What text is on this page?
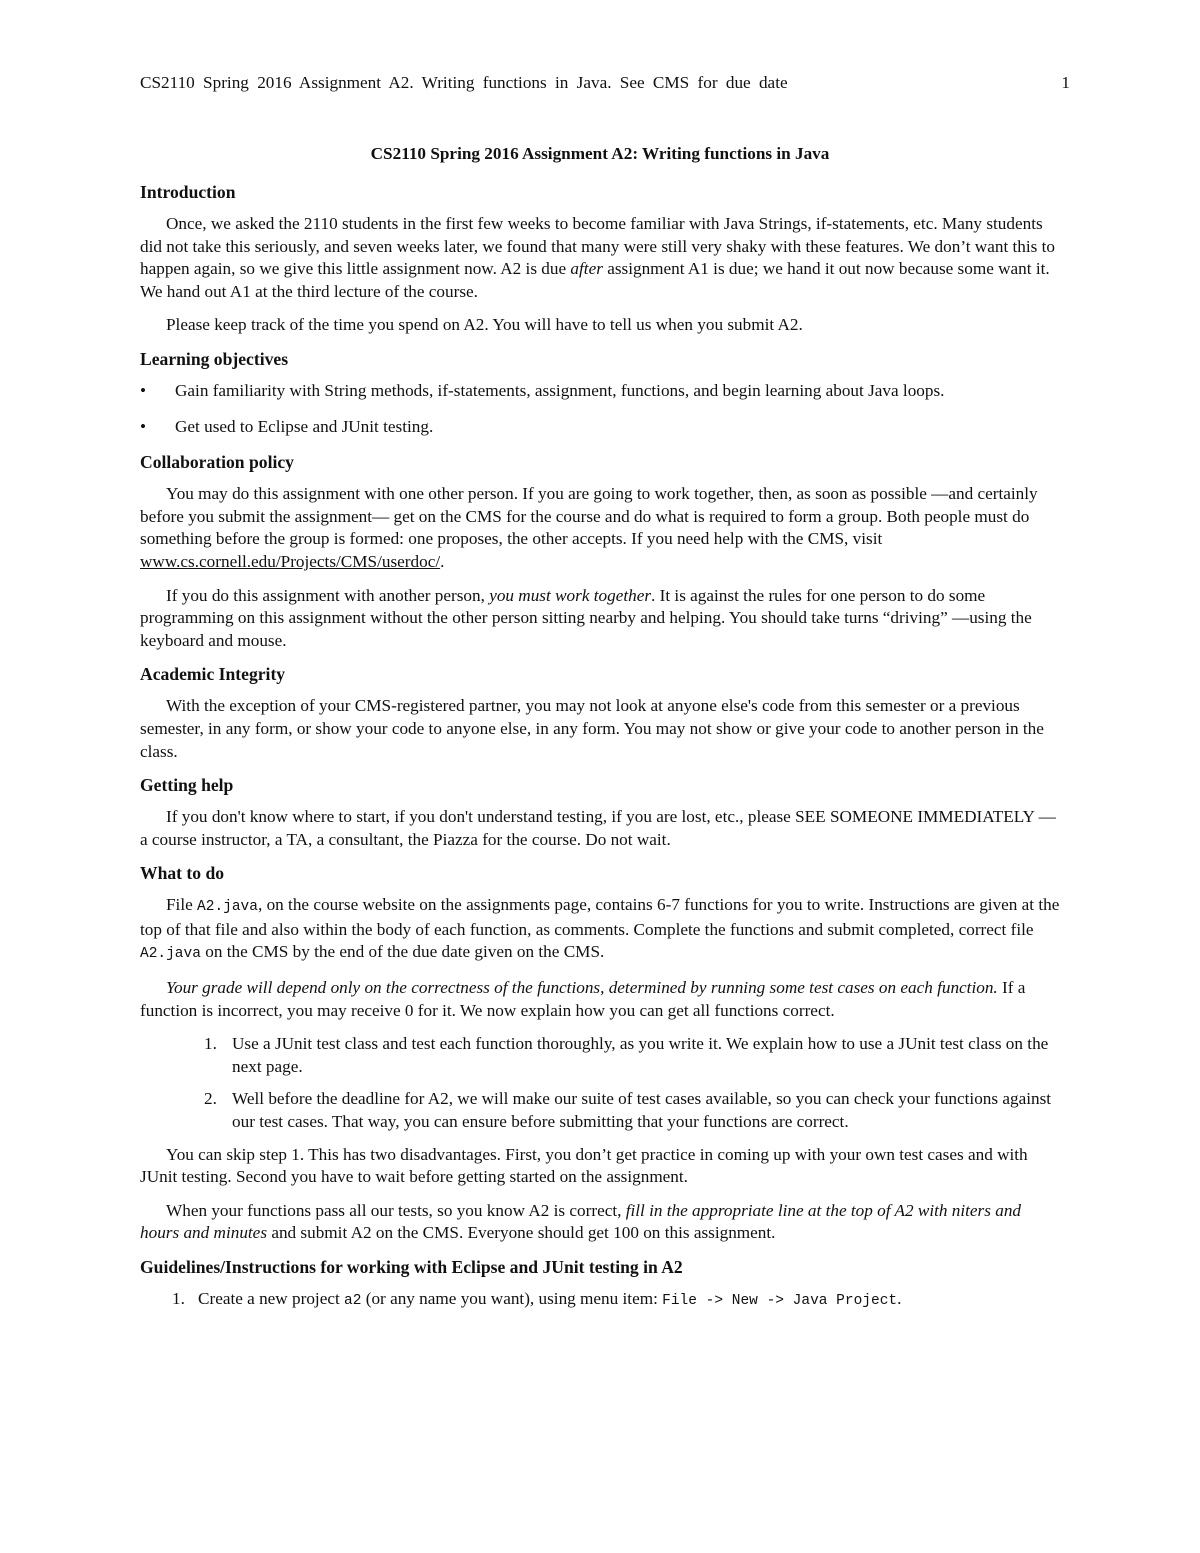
CS2110 Spring 2016 Assignment A2. Writing functions in Java. See CMS for due date	1
CS2110 Spring 2016 Assignment A2: Writing functions in Java
Introduction

Once, we asked the 2110 students in the first few weeks to become familiar with Java Strings, if-statements, etc. Many students did not take this seriously, and seven weeks later, we found that many were still very shaky with these features. We don’t want this to happen again, so we give this little assignment now. A2 is due after assignment A1 is due; we hand it out now because some want it. We hand out A1 at the third lecture of the course.

Please keep track of the time you spend on A2. You will have to tell us when you submit A2.

Learning objectives
• Gain familiarity with String methods, if-statements, assignment, functions, and begin learning about Java loops.
• Get used to Eclipse and JUnit testing.
Collaboration policy

You may do this assignment with one other person. If you are going to work together, then, as soon as possible —and certainly before you submit the assignment— get on the CMS for the course and do what is required to form a group. Both people must do something before the group is formed: one proposes, the other accepts. If you need help with the CMS, visit www.cs.cornell.edu/Projects/CMS/userdoc/.

If you do this assignment with another person, you must work together. It is against the rules for one person to do some programming on this assignment without the other person sitting nearby and helping. You should take turns “driving” —using the keyboard and mouse.

Academic Integrity

With the exception of your CMS-registered partner, you may not look at anyone else's code from this semester or a previous semester, in any form, or show your code to anyone else, in any form. You may not show or give your code to another person in the class.

Getting help

If you don't know where to start, if you don't understand testing, if you are lost, etc., please SEE SOMEONE IMMEDIATELY —a course instructor, a TA, a consultant, the Piazza for the course. Do not wait.

What to do

File A2.java, on the course website on the assignments page, contains 6-7 functions for you to write. Instructions are given at the top of that file and also within the body of each function, as comments. Complete the functions and submit completed, correct file A2.java on the CMS by the end of the due date given on the CMS.

Your grade will depend only on the correctness of the functions, determined by running some test cases on each function. If a function is incorrect, you may receive 0 for it. We now explain how you can get all functions correct.

1. Use a JUnit test class and test each function thoroughly, as you write it. We explain how to use a JUnit test class on the next page.
2. Well before the deadline for A2, we will make our suite of test cases available, so you can check your functions against our test cases. That way, you can ensure before submitting that your functions are correct.

You can skip step 1. This has two disadvantages. First, you don’t get practice in coming up with your own test cases and with JUnit testing. Second you have to wait before getting started on the assignment.

When your functions pass all our tests, so you know A2 is correct, fill in the appropriate line at the top of A2 with niters and hours and minutes and submit A2 on the CMS. Everyone should get 100 on this assignment.

Guidelines/Instructions for working with Eclipse and JUnit testing in A2
1. Create a new project a2 (or any name you want), using menu item: File -> New -> Java Project.
